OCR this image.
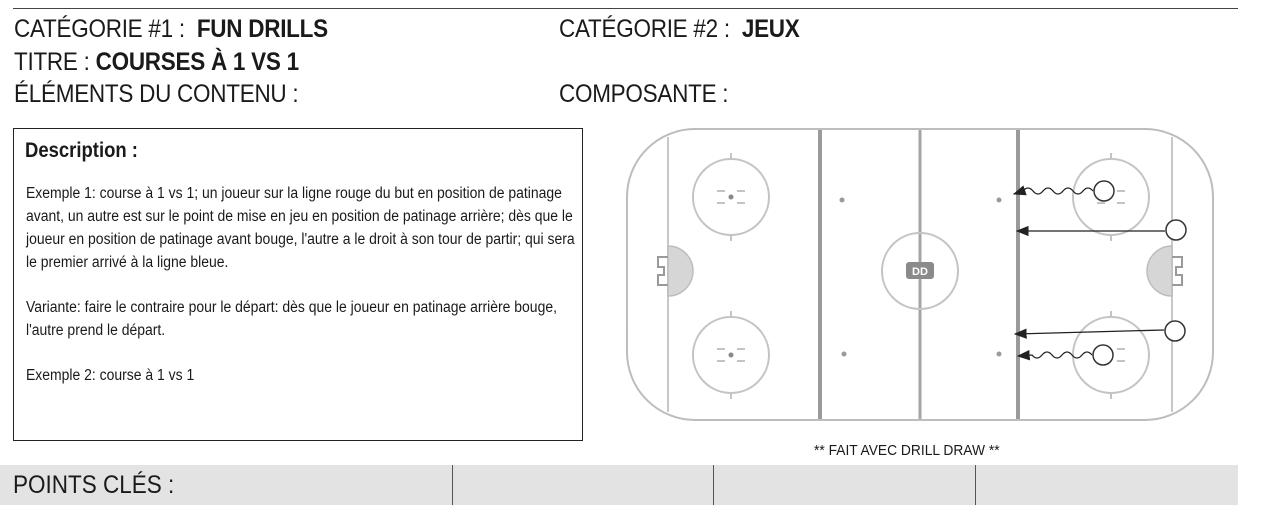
CATÉGORIE #1 : FUN DRILLS	CATÉGORIE #2 : JEUX
TITRE : COURSES À 1 VS 1
ÉLÉMENTS DU CONTENU :	COMPOSANTE :
Description :

Exemple 1: course à 1 vs 1; un joueur sur la ligne rouge du but en position de patinage avant, un autre est sur le point de mise en jeu en position de patinage arrière; dès que le joueur en position de patinage avant bouge, l'autre a le droit à son tour de partir; qui sera le premier arrivé à la ligne bleue.

Variante: faire le contraire pour le départ: dès que le joueur en patinage arrière bouge, l'autre prend le départ.

Exemple 2: course à 1 vs 1

DD
** FAIT AVEC DRILL DRAW **
POINTS CLÉS :
